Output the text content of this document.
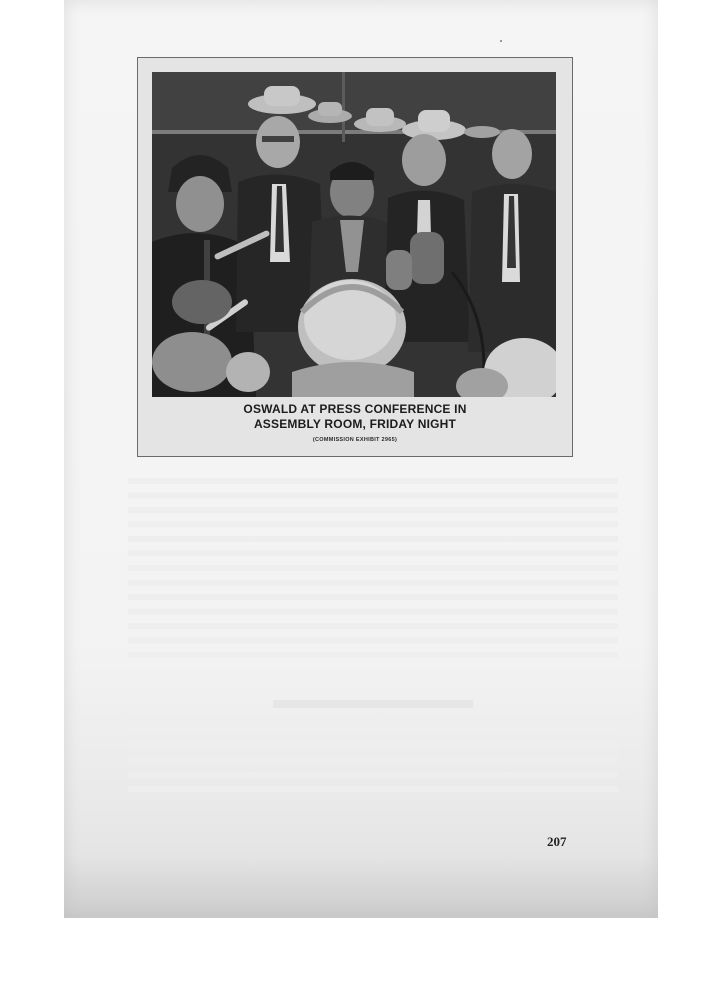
OSWALD AT PRESS CONFERENCE IN
ASSEMBLY ROOM, FRIDAY NIGHT
(COMMISSION EXHIBIT 2965)
207
